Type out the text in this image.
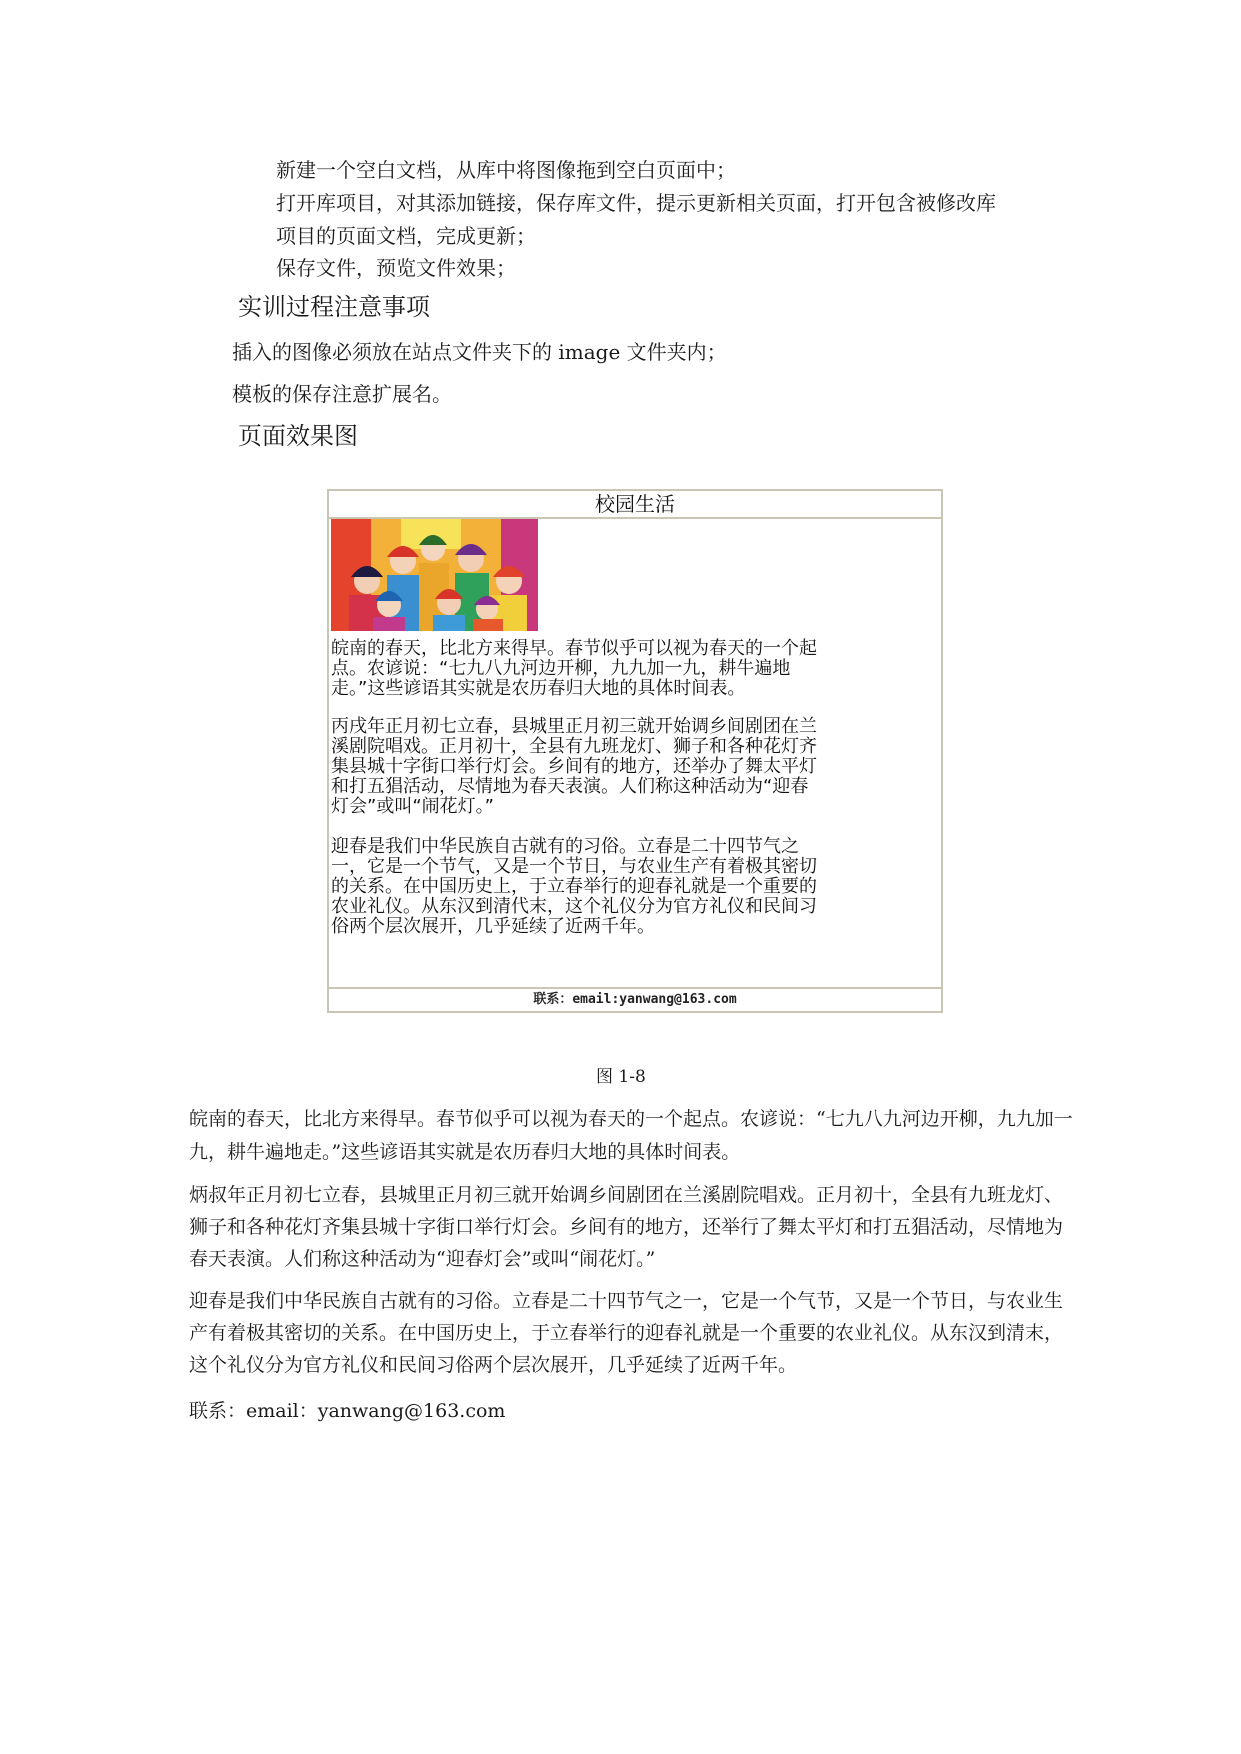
新建一个空白文档，从库中将图像拖到空白页面中；
打开库项目，对其添加链接，保存库文件，提示更新相关页面，打开包含被修改库
项目的页面文档，完成更新；
保存文件，预览文件效果；
实训过程注意事项
插入的图像必须放在站点文件夹下的 image 文件夹内；
模板的保存注意扩展名。
页面效果图
校园生活
皖南的春天，比北方来得早。春节似乎可以视为春天的一个起
点。农谚说：“七九八九河边开柳，九九加一九，耕牛遍地
走。”这些谚语其实就是农历春归大地的具体时间表。
丙戌年正月初七立春，县城里正月初三就开始调乡间剧团在兰
溪剧院唱戏。正月初十，全县有九班龙灯、狮子和各种花灯齐
集县城十字街口举行灯会。乡间有的地方，还举办了舞太平灯
和打五猖活动，尽情地为春天表演。人们称这种活动为“迎春
灯会”或叫“闹花灯。”
迎春是我们中华民族自古就有的习俗。立春是二十四节气之
一，它是一个节气，又是一个节日，与农业生产有着极其密切
的关系。在中国历史上，于立春举行的迎春礼就是一个重要的
农业礼仪。从东汉到清代末，这个礼仪分为官方礼仪和民间习
俗两个层次展开，几乎延续了近两千年。
联系：email:yanwang@163.com
图 1-8
皖南的春天，比北方来得早。春节似乎可以视为春天的一个起点。农谚说：“七九八九河边开柳，九九加一
九，耕牛遍地走。”这些谚语其实就是农历春归大地的具体时间表。
炳叔年正月初七立春，县城里正月初三就开始调乡间剧团在兰溪剧院唱戏。正月初十，全县有九班龙灯、
狮子和各种花灯齐集县城十字街口举行灯会。乡间有的地方，还举行了舞太平灯和打五猖活动，尽情地为
春天表演。人们称这种活动为“迎春灯会”或叫“闹花灯。”
迎春是我们中华民族自古就有的习俗。立春是二十四节气之一，它是一个气节，又是一个节日，与农业生
产有着极其密切的关系。在中国历史上，于立春举行的迎春礼就是一个重要的农业礼仪。从东汉到清末，
这个礼仪分为官方礼仪和民间习俗两个层次展开，几乎延续了近两千年。
联系：email：yanwang@163.com
